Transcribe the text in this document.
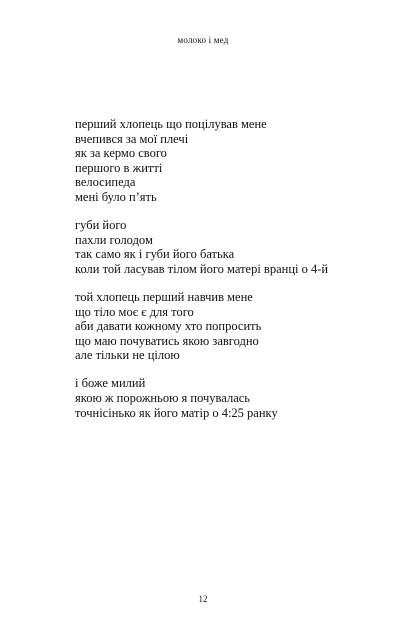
молоко і мед
перший хлопець що поцілував мене
вчепився за мої плечі
як за кермо свого
першого в житті
велосипеда
мені було п’ять
губи його
пахли голодом
так само як і губи його батька
коли той ласував тілом його матері вранці о 4-й
той хлопець перший навчив мене
що тіло моє є для того
аби давати кожному хто попросить
що маю почуватись якою завгодно
але тільки не цілою
і боже милий
якою ж порожньою я почувалась
точнісінько як його матір о 4:25 ранку
12
